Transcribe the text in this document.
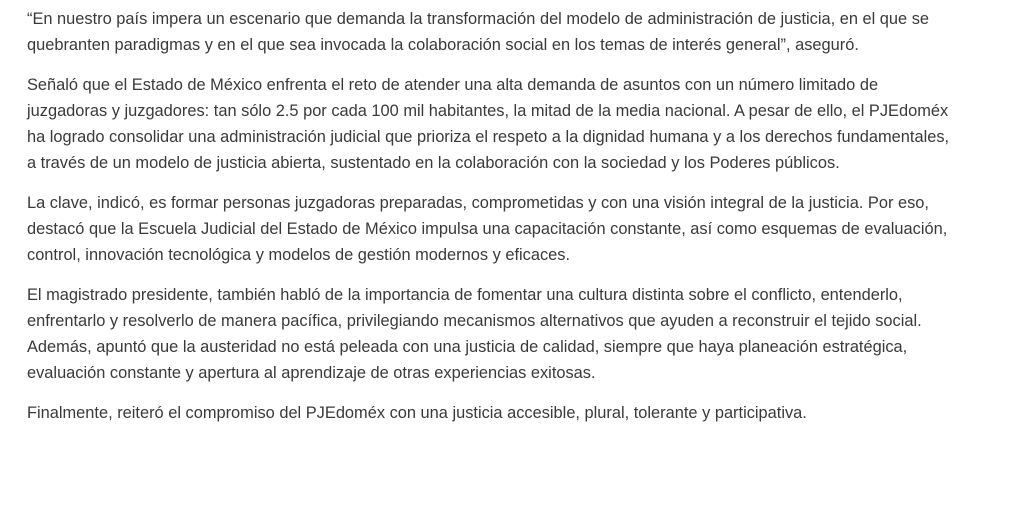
“En nuestro país impera un escenario que demanda la transformación del modelo de administración de justicia, en el que se quebranten paradigmas y en el que sea invocada la colaboración social en los temas de interés general”, aseguró.

Señaló que el Estado de México enfrenta el reto de atender una alta demanda de asuntos con un número limitado de juzgadoras y juzgadores: tan sólo 2.5 por cada 100 mil habitantes, la mitad de la media nacional. A pesar de ello, el PJEdoméx ha logrado consolidar una administración judicial que prioriza el respeto a la dignidad humana y a los derechos fundamentales, a través de un modelo de justicia abierta, sustentado en la colaboración con la sociedad y los Poderes públicos.

La clave, indicó, es formar personas juzgadoras preparadas, comprometidas y con una visión integral de la justicia. Por eso, destacó que la Escuela Judicial del Estado de México impulsa una capacitación constante, así como esquemas de evaluación, control, innovación tecnológica y modelos de gestión modernos y eficaces.

El magistrado presidente, también habló de la importancia de fomentar una cultura distinta sobre el conflicto, entenderlo, enfrentarlo y resolverlo de manera pacífica, privilegiando mecanismos alternativos que ayuden a reconstruir el tejido social. Además, apuntó que la austeridad no está peleada con una justicia de calidad, siempre que haya planeación estratégica, evaluación constante y apertura al aprendizaje de otras experiencias exitosas.

Finalmente, reiteró el compromiso del PJEdoméx con una justicia accesible, plural, tolerante y participativa.
